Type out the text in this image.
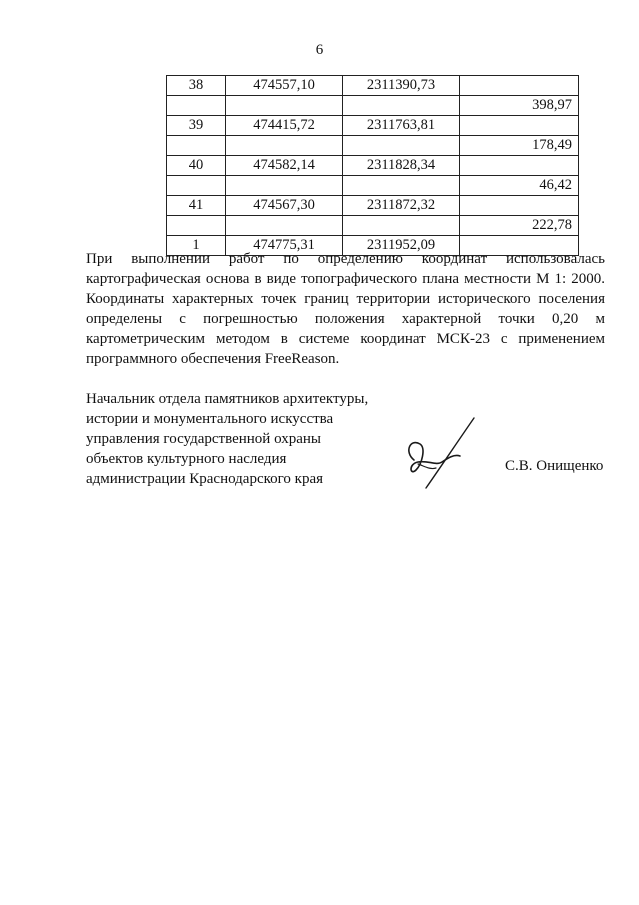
6
38	474557,10	2311390,73	
			398,97
39	474415,72	2311763,81	
			178,49
40	474582,14	2311828,34	
			46,42
41	474567,30	2311872,32	
			222,78
1	474775,31	2311952,09	
При выполнении работ по определению координат использовалась картографическая основа в виде топографического плана местности М 1: 2000. Координаты характерных точек границ территории исторического поселения определены с погрешностью положения характерной точки 0,20 м картометрическим методом в системе координат МСК-23 с применением программного обеспечения FreeReason.
Начальник отдела памятников архитектуры,
истории и монументального искусства
управления государственной охраны
объектов культурного наследия
администрации Краснодарского края
С.В. Онищенко
